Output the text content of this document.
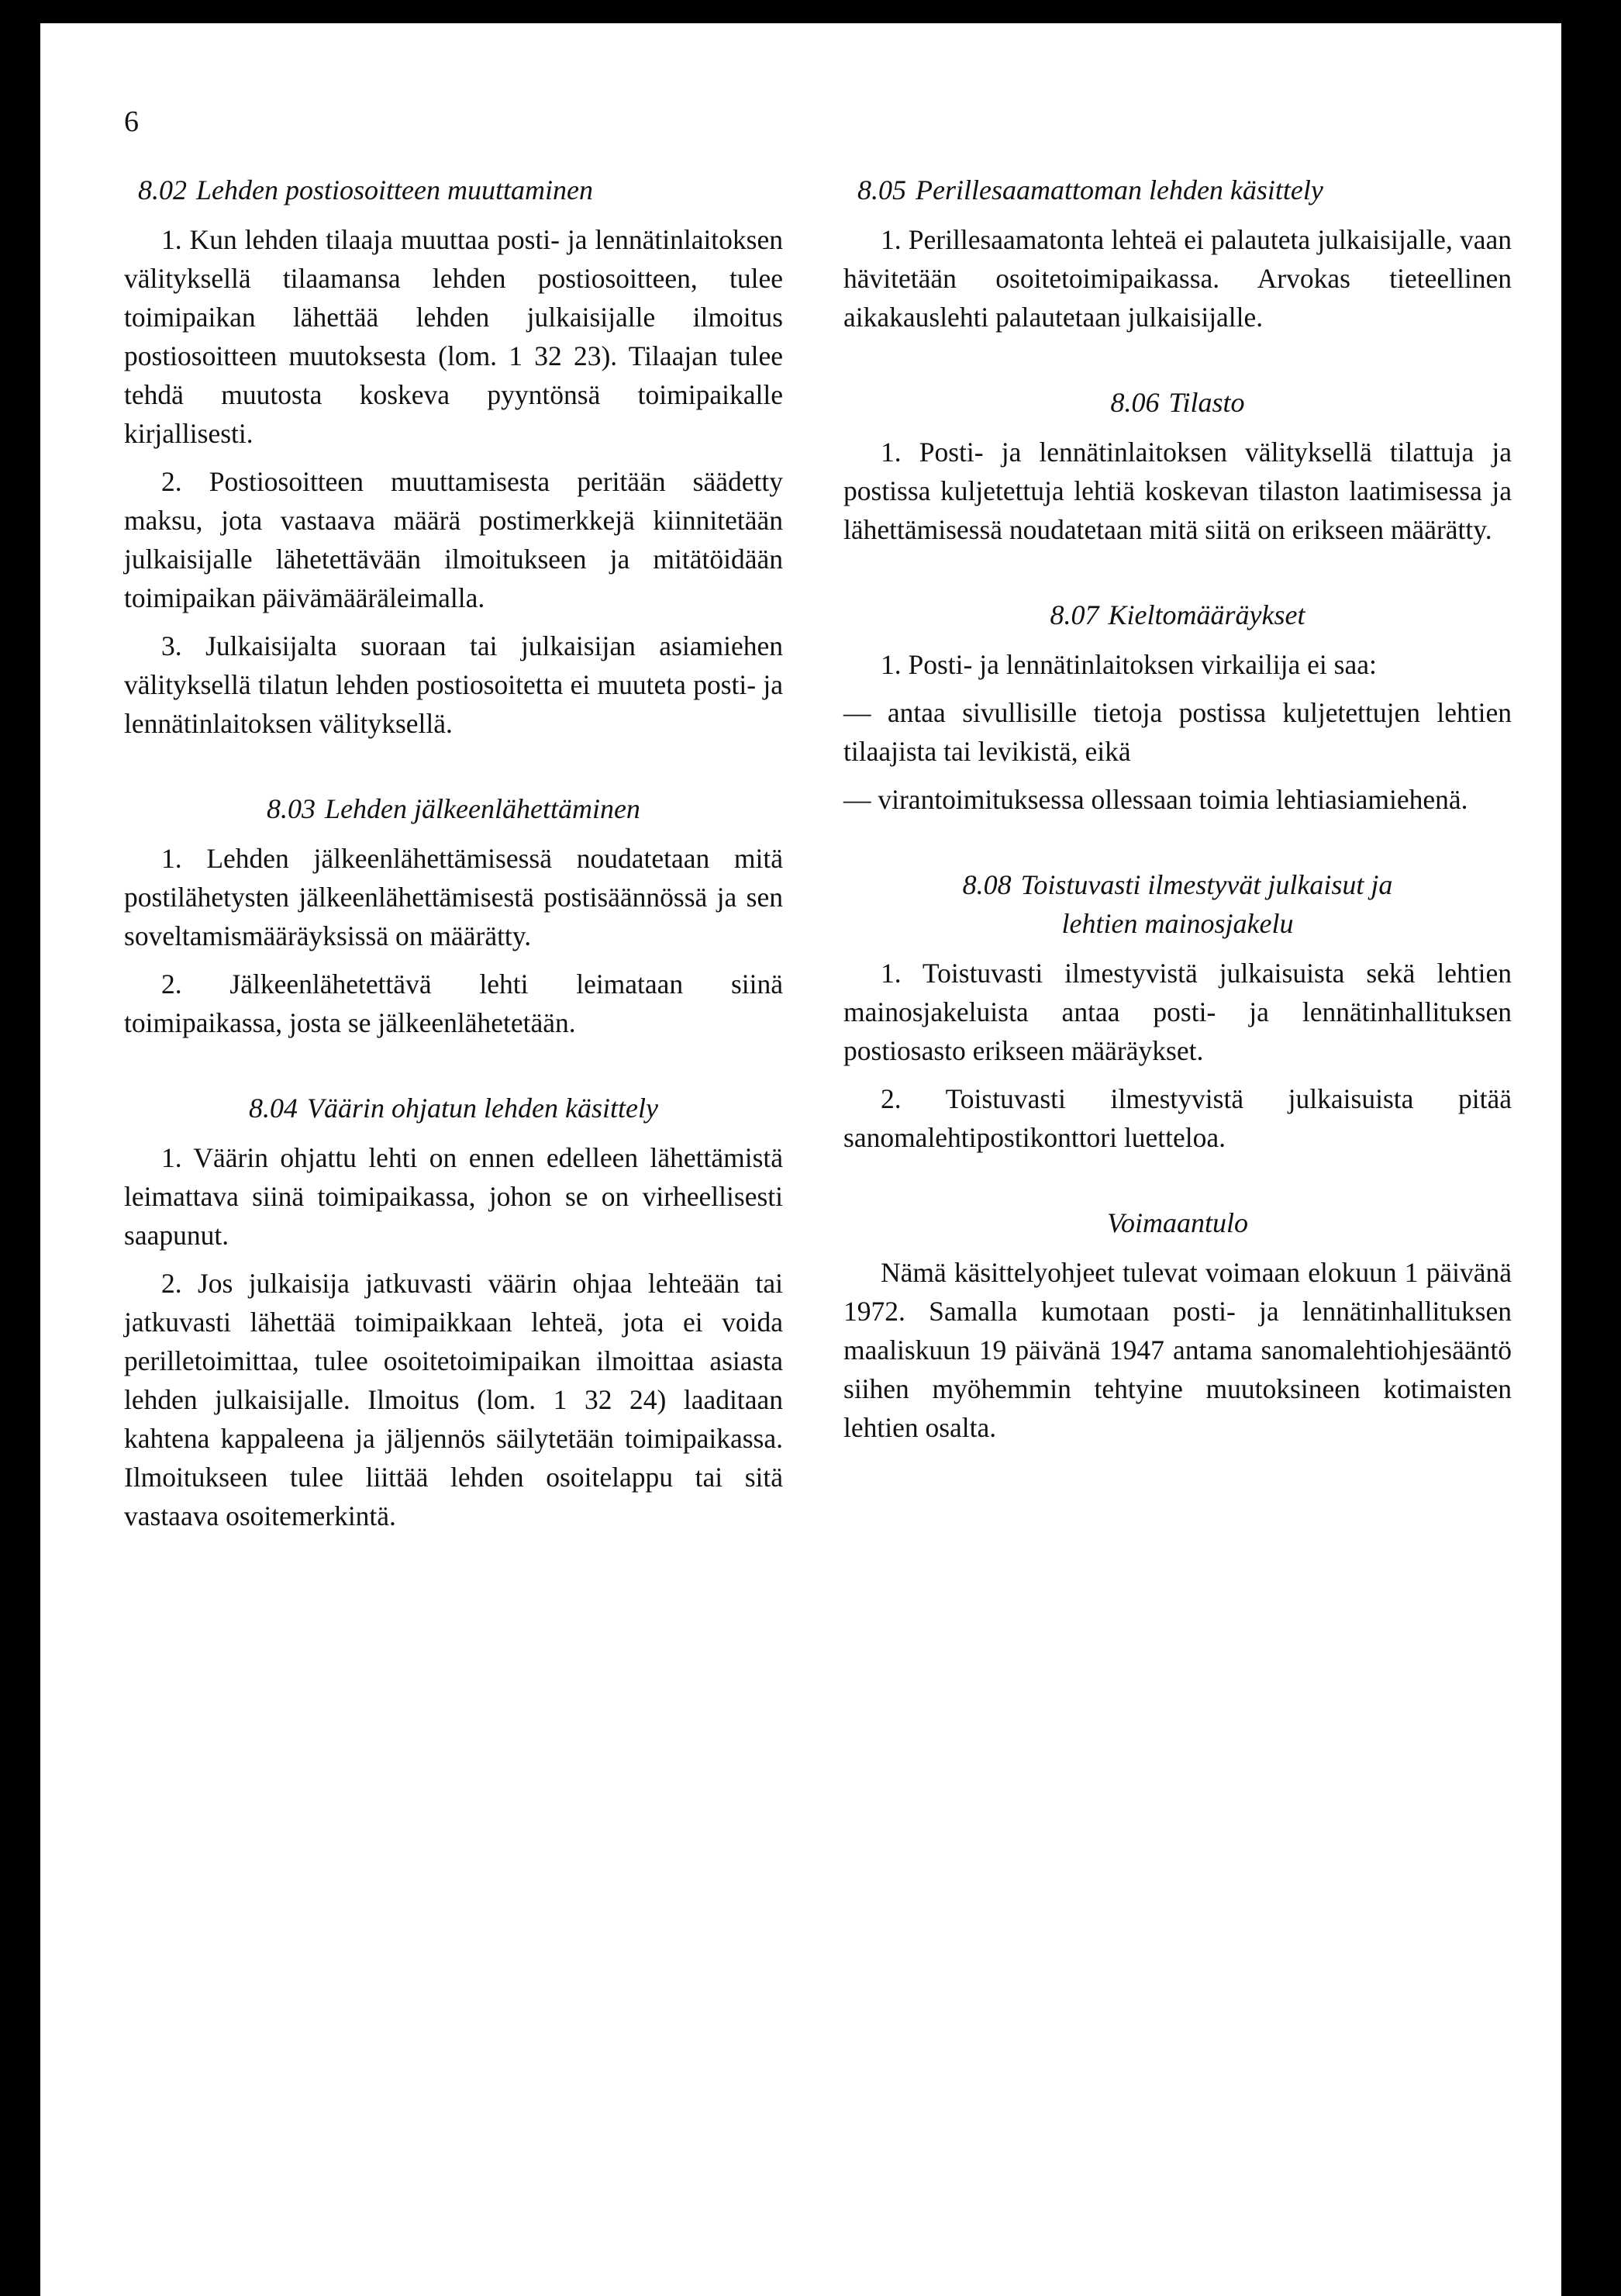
6
8.02 Lehden postiosoitteen muuttaminen

1. Kun lehden tilaaja muuttaa posti- ja lennätinlaitoksen välityksellä tilaamansa lehden postiosoitteen, tulee toimipaikan lähettää lehden julkaisijalle ilmoitus postiosoitteen muutoksesta (lom. 1 32 23). Tilaajan tulee tehdä muutosta koskeva pyyntönsä toimipaikalle kirjallisesti.

2. Postiosoitteen muuttamisesta peritään säädetty maksu, jota vastaava määrä postimerkkejä kiinnitetään julkaisijalle lähetettävään ilmoitukseen ja mitätöidään toimipaikan päivämääräleimalla.

3. Julkaisijalta suoraan tai julkaisijan asiamiehen välityksellä tilatun lehden postiosoitetta ei muuteta posti- ja lennätinlaitoksen välityksellä.

8.03 Lehden jälkeenlähettäminen

1. Lehden jälkeenlähettämisessä noudatetaan mitä postilähetysten jälkeenlähettämisestä postisäännössä ja sen soveltamismääräyksissä on määrätty.

2. Jälkeenlähetettävä lehti leimataan siinä toimipaikassa, josta se jälkeenlähetetään.

8.04 Väärin ohjatun lehden käsittely

1. Väärin ohjattu lehti on ennen edelleen lähettämistä leimattava siinä toimipaikassa, johon se on virheellisesti saapunut.

2. Jos julkaisija jatkuvasti väärin ohjaa lehteään tai jatkuvasti lähettää toimipaikkaan lehteä, jota ei voida perilletoimittaa, tulee osoitetoimipaikan ilmoittaa asiasta lehden julkaisijalle. Ilmoitus (lom. 1 32 24) laaditaan kahtena kappaleena ja jäljennös säilytetään toimipaikassa. Ilmoitukseen tulee liittää lehden osoitelappu tai sitä vastaava osoitemerkintä.

8.05 Perillesaamattoman lehden käsittely

1. Perillesaamatonta lehteä ei palauteta julkaisijalle, vaan hävitetään osoitetoimipaikassa. Arvokas tieteellinen aikakauslehti palautetaan julkaisijalle.

8.06 Tilasto

1. Posti- ja lennätinlaitoksen välityksellä tilattuja ja postissa kuljetettuja lehtiä koskevan tilaston laatimisessa ja lähettämisessä noudatetaan mitä siitä on erikseen määrätty.

8.07 Kieltomääräykset

1. Posti- ja lennätinlaitoksen virkailija ei saa:

— antaa sivullisille tietoja postissa kuljetettujen lehtien tilaajista tai levikistä, eikä

— virantoimituksessa ollessaan toimia lehtiasiamiehenä.

8.08 Toistuvasti ilmestyvät julkaisut ja
lehtien mainosjakelu

1. Toistuvasti ilmestyvistä julkaisuista sekä lehtien mainosjakeluista antaa posti- ja lennätinhallituksen postiosasto erikseen määräykset.

2. Toistuvasti ilmestyvistä julkaisuista pitää sanomalehtipostikonttori luetteloa.

Voimaantulo

Nämä käsittelyohjeet tulevat voimaan elokuun 1 päivänä 1972. Samalla kumotaan posti- ja lennätinhallituksen maaliskuun 19 päivänä 1947 antama sanomalehtiohjesääntö siihen myöhemmin tehtyine muutoksineen kotimaisten lehtien osalta.
